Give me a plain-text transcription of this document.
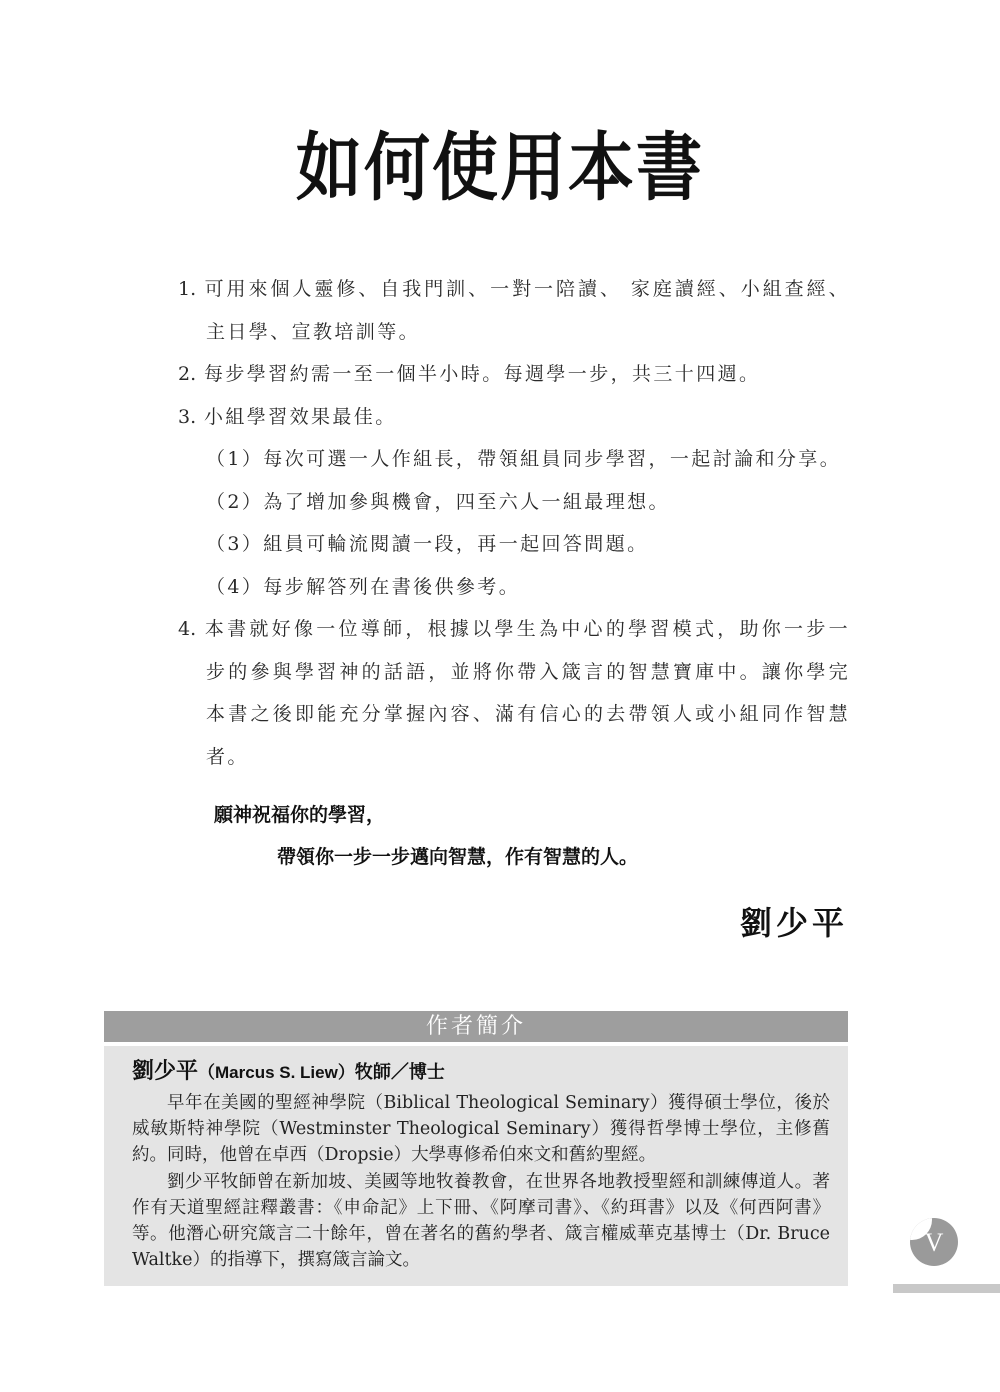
如何使用本書
1. 可用來個人靈修、自我門訓、一對一陪讀、 家庭讀經、小組查經、
主日學、宣教培訓等。
2. 每步學習約需一至一個半小時。每週學一步，共三十四週。
3. 小組學習效果最佳。
（1）每次可選一人作組長，帶領組員同步學習，一起討論和分享。
（2）為了增加參與機會，四至六人一組最理想。
（3）組員可輪流閱讀一段，再一起回答問題。
（4）每步解答列在書後供參考。
4. 本書就好像一位導師，根據以學生為中心的學習模式，助你一步一
步的參與學習神的話語，並將你帶入箴言的智慧寶庫中。讓你學完
本書之後即能充分掌握內容、滿有信心的去帶領人或小組同作智慧
者。
願神祝福你的學習，
帶領你一步一步邁向智慧，作有智慧的人。
劉少平
作者簡介
劉少平（Marcus S. Liew）牧師／博士

早年在美國的聖經神學院（Biblical Theological Seminary）獲得碩士學位，後於威敏斯特神學院（Westminster Theological Seminary）獲得哲學博士學位，主修舊約。同時，他曾在卓西（Dropsie）大學專修希伯來文和舊約聖經。

劉少平牧師曾在新加坡、美國等地牧養教會，在世界各地教授聖經和訓練傳道人。著作有天道聖經註釋叢書：《申命記》上下冊、《阿摩司書》、《約珥書》以及《何西阿書》等。他潛心研究箴言二十餘年，曾在著名的舊約學者、箴言權威華克基博士（Dr. Bruce Waltke）的指導下，撰寫箴言論文。

V
